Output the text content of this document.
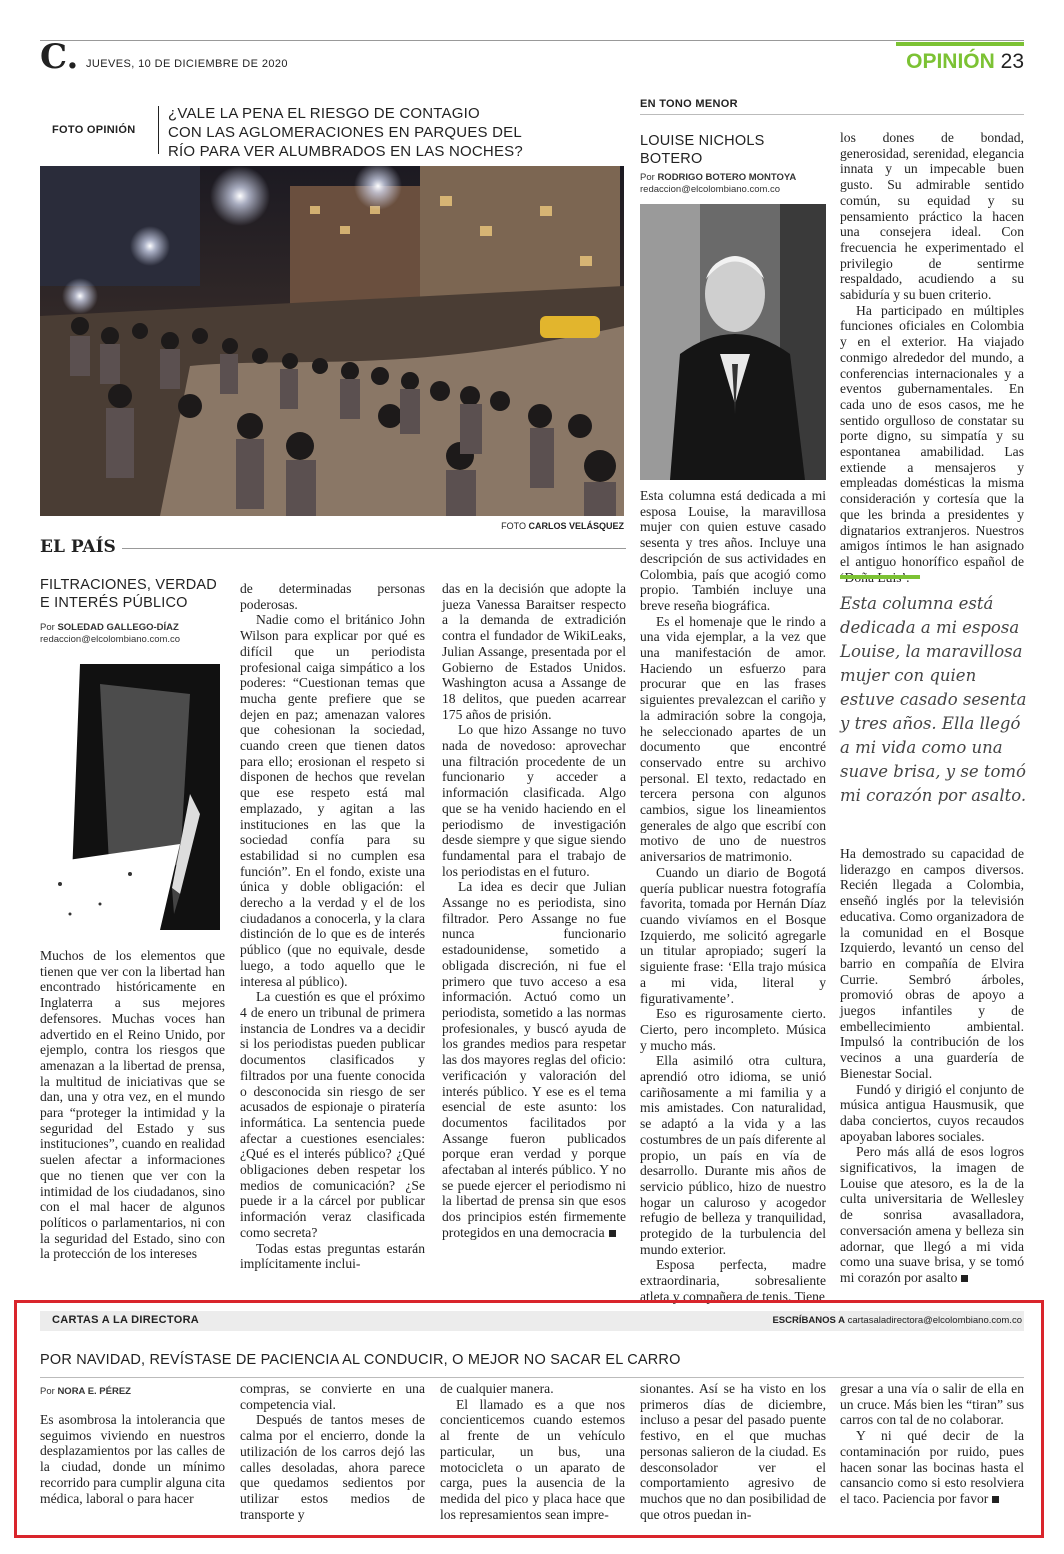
C. JUEVES, 10 DE DICIEMBRE DE 2020	OPINIÓN 23
FOTO OPINIÓN
¿VALE LA PENA EL RIESGO DE CONTAGIO
CON LAS AGLOMERACIONES EN PARQUES DEL
RÍO PARA VER ALUMBRADOS EN LAS NOCHES?
FOTO CARLOS VELÁSQUEZ
EL PAÍS
FILTRACIONES, VERDAD
E INTERÉS PÚBLICO
Por SOLEDAD GALLEGO-DÍAZ
redaccion@elcolombiano.com.co

Muchos de los elementos que tienen que ver con la libertad han encontrado históricamente en Inglaterra a sus mejores defensores. Muchas voces han advertido en el Reino Unido, por ejemplo, contra los riesgos que amenazan a la libertad de prensa, la multitud de iniciativas que se dan, una y otra vez, en el mundo para “proteger la intimidad y la seguridad del Estado y sus instituciones”, cuando en realidad suelen afectar a informaciones que no tienen que ver con la intimidad de los ciudadanos, sino con el mal hacer de algunos políticos o parlamentarios, ni con la seguridad del Estado, sino con la protección de los intereses

de determinadas personas poderosas.

Nadie como el británico John Wilson para explicar por qué es difícil que un periodista profesional caiga simpático a los poderes: “Cuestionan temas que mucha gente prefiere que se dejen en paz; amenazan valores que cohesionan la sociedad, cuando creen que tienen datos para ello; erosionan el respeto si disponen de hechos que revelan que ese respeto está mal emplazado, y agitan a las instituciones en las que la sociedad confía para su estabilidad si no cumplen esa función”. En el fondo, existe una única y doble obligación: el derecho a la verdad y el de los ciudadanos a conocerla, y la clara distinción de lo que es de interés público (que no equivale, desde luego, a todo aquello que le interesa al público).

La cuestión es que el próximo 4 de enero un tribunal de primera instancia de Londres va a decidir si los periodistas pueden publicar documentos clasificados y filtrados por una fuente conocida o desconocida sin riesgo de ser acusados de espionaje o piratería informática. La sentencia puede afectar a cuestiones esenciales: ¿Qué es el interés público? ¿Qué obligaciones deben respetar los medios de comunicación? ¿Se puede ir a la cárcel por publicar información veraz clasificada como secreta?

Todas estas preguntas estarán implícitamente inclui-

das en la decisión que adopte la jueza Vanessa Baraitser respecto a la demanda de extradición contra el fundador de WikiLeaks, Julian Assange, presentada por el Gobierno de Estados Unidos. Washington acusa a Assange de 18 delitos, que pueden acarrear 175 años de prisión.

Lo que hizo Assange no tuvo nada de novedoso: aprovechar una filtración procedente de un funcionario y acceder a información clasificada. Algo que se ha venido haciendo en el periodismo de investigación desde siempre y que sigue siendo fundamental para el trabajo de los periodistas en el futuro.

La idea es decir que Julian Assange no es periodista, sino filtrador. Pero Assange no fue nunca funcionario estadounidense, sometido a obligada discreción, ni fue el primero que tuvo acceso a esa información. Actuó como un periodista, sometido a las normas profesionales, y buscó ayuda de los grandes medios para respetar las dos mayores reglas del oficio: verificación y valoración del interés público. Y ese es el tema esencial de este asunto: los documentos facilitados por Assange fueron publicados porque eran verdad y porque afectaban al interés público. Y no se puede ejercer el periodismo ni la libertad de prensa sin que esos dos principios estén firmemente protegidos en una democracia

EN TONO MENOR
LOUISE NICHOLS
BOTERO
Por RODRIGO BOTERO MONTOYA
redaccion@elcolombiano.com.co

Esta columna está dedicada a mi esposa Louise, la maravillosa mujer con quien estuve casado sesenta y tres años. Incluye una descripción de sus actividades en Colombia, país que acogió como propio. También incluye una breve reseña biográfica.

Es el homenaje que le rindo a una vida ejemplar, a la vez que una manifestación de amor. Haciendo un esfuerzo para procurar que en las frases siguientes prevalezcan el cariño y la admiración sobre la congoja, he seleccionado apartes de un documento que encontré conservado entre su archivo personal. El texto, redactado en tercera persona con algunos cambios, sigue los lineamientos generales de algo que escribí con motivo de uno de nuestros aniversarios de matrimonio.

Cuando un diario de Bogotá quería publicar nuestra fotografía favorita, tomada por Hernán Díaz cuando vivíamos en el Bosque Izquierdo, me solicitó agregarle un titular apropiado; sugerí la siguiente frase: ‘Ella trajo música a mi vida, literal y figurativamente’.

Eso es rigurosamente cierto. Cierto, pero incompleto. Música y mucho más.

Ella asimiló otra cultura, aprendió otro idioma, se unió cariñosamente a mi familia y a mis amistades. Con naturalidad, se adaptó a la vida y a las costumbres de un país diferente al propio, un país en vía de desarrollo. Durante mis años de servicio público, hizo de nuestro hogar un caluroso y acogedor refugio de belleza y tranquilidad, protegido de la turbulencia del mundo exterior.

Esposa perfecta, madre extraordinaria, sobresaliente atleta y compañera de tenis. Tiene

los dones de bondad, generosidad, serenidad, elegancia innata y un impecable buen gusto. Su admirable sentido común, su equidad y su pensamiento práctico la hacen una consejera ideal. Con frecuencia he experimentado el privilegio de sentirme respaldado, acudiendo a su sabiduría y su buen criterio.

Ha participado en múltiples funciones oficiales en Colombia y en el exterior. Ha viajado conmigo alrededor del mundo, a conferencias internacionales y a eventos gubernamentales. En cada uno de esos casos, me he sentido orgulloso de constatar su porte digno, su simpatía y su espontanea amabilidad. Las extiende a mensajeros y empleadas domésticas la misma consideración y cortesía que la que les brinda a presidentes y dignatarios extranjeros. Nuestros amigos íntimos le han asignado el antiguo honorífico español de

Esta columna está dedicada a mi esposa Louise, la maravillosa mujer con quien estuve casado sesenta y tres años. Ella llegó a mi vida como una suave brisa, y se tomó mi corazón por asalto.

Ha demostrado su capacidad de liderazgo en campos diversos. Recién llegada a Colombia, enseñó inglés por la televisión educativa. Como organizadora de la comunidad en el Bosque Izquierdo, levantó un censo del barrio en compañía de Elvira Currie. Sembró árboles, promovió obras de apoyo a juegos infantiles y de embellecimiento ambiental. Impulsó la contribución de los vecinos a una guardería de Bienestar Social.

Fundó y dirigió el conjunto de música antigua Hausmusik, que daba conciertos, cuyos recaudos apoyaban labores sociales.

Pero más allá de esos logros significativos, la imagen de Louise que atesoro, es la de la culta universitaria de Wellesley de sonrisa avasalladora, conversación amena y belleza sin adornar, que llegó a mi vida como una suave brisa, y se tomó mi corazón por asalto

CARTAS A LA DIRECTORA	ESCRÍBANOS A cartasaladirectora@elcolombiano.com.co
POR NAVIDAD, REVÍSTASE DE PACIENCIA AL CONDUCIR, O MEJOR NO SACAR EL CARRO
Por NORA E. PÉREZ

Es asombrosa la intolerancia que seguimos viviendo en nuestros desplazamientos por las calles de la ciudad, donde un mínimo recorrido para cumplir alguna cita médica, laboral o para hacer

compras, se convierte en una competencia vial.

Después de tantos meses de calma por el encierro, donde la utilización de los carros dejó las calles desoladas, ahora parece que quedamos sedientos por utilizar estos medios de transporte y

de cualquier manera.

El llamado es a que nos concienticemos cuando estemos al frente de un vehículo particular, un bus, una motocicleta o un aparato de carga, pues la ausencia de la medida del pico y placa hace que los represamientos sean impre-

sionantes. Así se ha visto en los primeros días de diciembre, incluso a pesar del pasado puente festivo, en el que muchas personas salieron de la ciudad. Es desconsolador ver el comportamiento agresivo de muchos que no dan posibilidad de que otros puedan in-

gresar a una vía o salir de ella en un cruce. Más bien les “tiran” sus carros con tal de no colaborar.

Y ni qué decir de la contaminación por ruido, pues hacen sonar las bocinas hasta el cansancio como si esto resolviera el taco. Paciencia por favor
